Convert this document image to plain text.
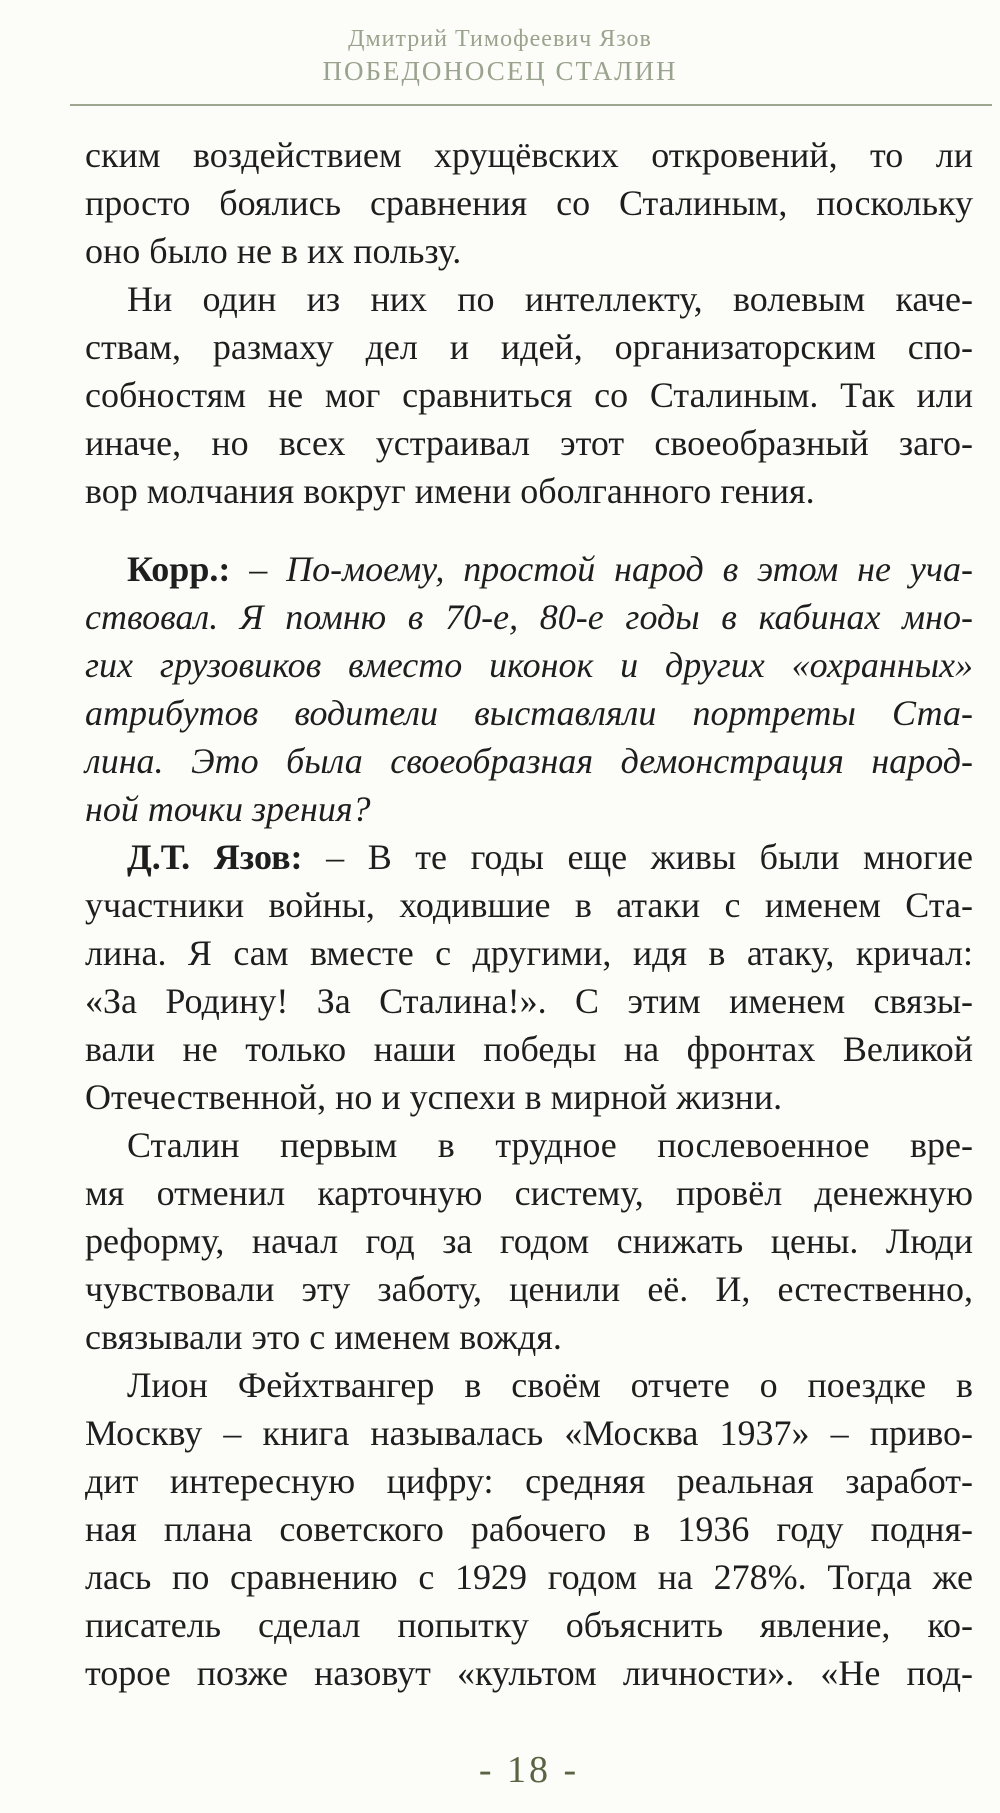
Дмитрий Тимофеевич Язов
ПОБЕДОНОСЕЦ СТАЛИН
ским воздействием хрущёвских откровений, то ли
просто боялись сравнения со Сталиным, поскольку
оно было не в их пользу.
Ни один из них по интеллекту, волевым каче-
ствам, размаху дел и идей, организаторским спо-
собностям не мог сравниться со Сталиным. Так или
иначе, но всех устраивал этот своеобразный заго-
вор молчания вокруг имени оболганного гения.
Корр.: – По-моему, простой народ в этом не уча-
ствовал. Я помню в 70-е, 80-е годы в кабинах мно-
гих грузовиков вместо иконок и других «охранных»
атрибутов водители выставляли портреты Ста-
лина. Это была своеобразная демонстрация народ-
ной точки зрения?
Д.Т. Язов: – В те годы еще живы были многие
участники войны, ходившие в атаки с именем Ста-
лина. Я сам вместе с другими, идя в атаку, кричал:
«За Родину! За Сталина!». С этим именем связы-
вали не только наши победы на фронтах Великой
Отечественной, но и успехи в мирной жизни.
Сталин первым в трудное послевоенное вре-
мя отменил карточную систему, провёл денежную
реформу, начал год за годом снижать цены. Люди
чувствовали эту заботу, ценили её. И, естественно,
связывали это с именем вождя.
Лион Фейхтвангер в своём отчете о поездке в
Москву – книга называлась «Москва 1937» – приво-
дит интересную цифру: средняя реальная заработ-
ная плана советского рабочего в 1936 году подня-
лась по сравнению с 1929 годом на 278%. Тогда же
писатель сделал попытку объяснить явление, ко-
торое позже назовут «культом личности». «Не под-
- 18 -
